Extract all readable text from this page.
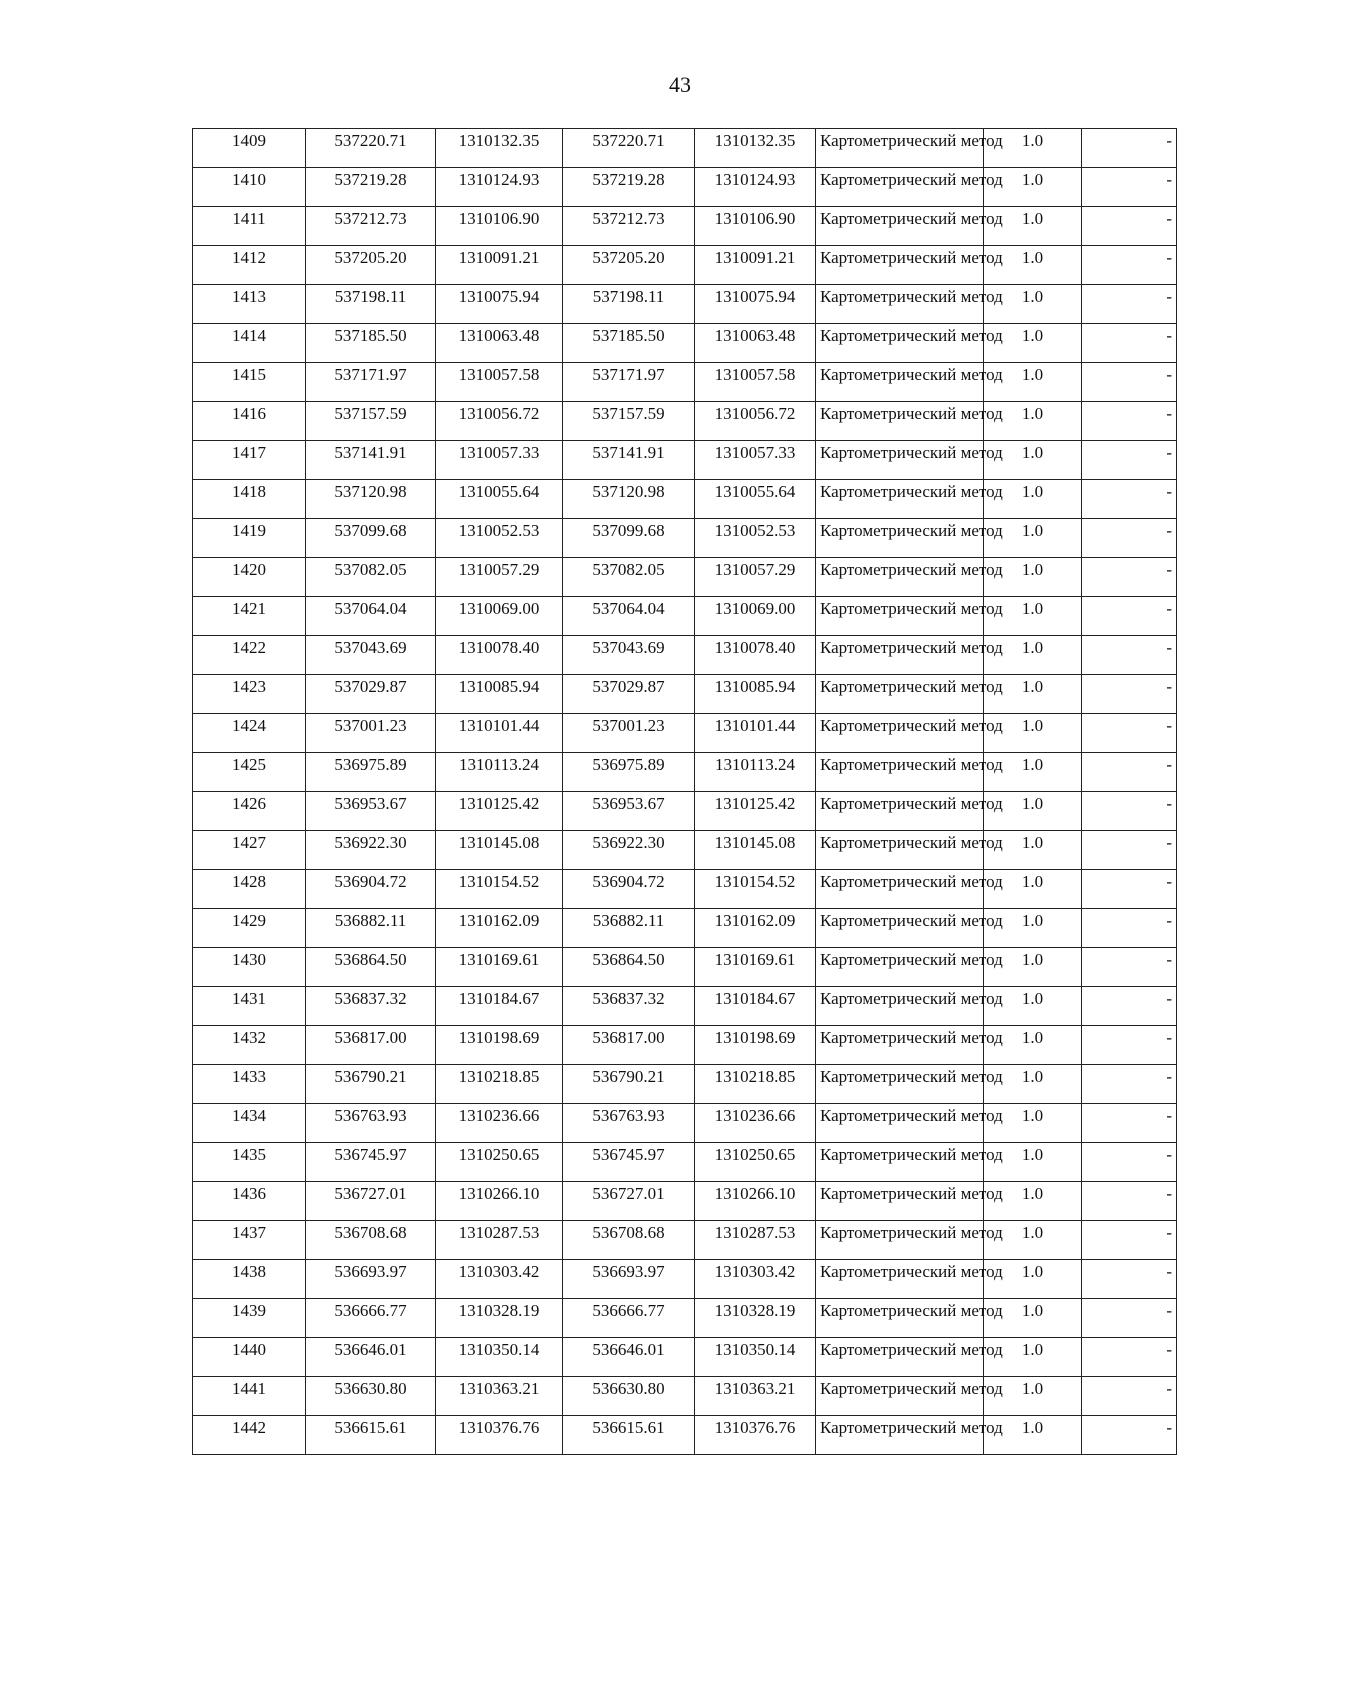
43
1409	537220.71	1310132.35	537220.71	1310132.35	Картометрический метод	1.0	-
1410	537219.28	1310124.93	537219.28	1310124.93	Картометрический метод	1.0	-
1411	537212.73	1310106.90	537212.73	1310106.90	Картометрический метод	1.0	-
1412	537205.20	1310091.21	537205.20	1310091.21	Картометрический метод	1.0	-
1413	537198.11	1310075.94	537198.11	1310075.94	Картометрический метод	1.0	-
1414	537185.50	1310063.48	537185.50	1310063.48	Картометрический метод	1.0	-
1415	537171.97	1310057.58	537171.97	1310057.58	Картометрический метод	1.0	-
1416	537157.59	1310056.72	537157.59	1310056.72	Картометрический метод	1.0	-
1417	537141.91	1310057.33	537141.91	1310057.33	Картометрический метод	1.0	-
1418	537120.98	1310055.64	537120.98	1310055.64	Картометрический метод	1.0	-
1419	537099.68	1310052.53	537099.68	1310052.53	Картометрический метод	1.0	-
1420	537082.05	1310057.29	537082.05	1310057.29	Картометрический метод	1.0	-
1421	537064.04	1310069.00	537064.04	1310069.00	Картометрический метод	1.0	-
1422	537043.69	1310078.40	537043.69	1310078.40	Картометрический метод	1.0	-
1423	537029.87	1310085.94	537029.87	1310085.94	Картометрический метод	1.0	-
1424	537001.23	1310101.44	537001.23	1310101.44	Картометрический метод	1.0	-
1425	536975.89	1310113.24	536975.89	1310113.24	Картометрический метод	1.0	-
1426	536953.67	1310125.42	536953.67	1310125.42	Картометрический метод	1.0	-
1427	536922.30	1310145.08	536922.30	1310145.08	Картометрический метод	1.0	-
1428	536904.72	1310154.52	536904.72	1310154.52	Картометрический метод	1.0	-
1429	536882.11	1310162.09	536882.11	1310162.09	Картометрический метод	1.0	-
1430	536864.50	1310169.61	536864.50	1310169.61	Картометрический метод	1.0	-
1431	536837.32	1310184.67	536837.32	1310184.67	Картометрический метод	1.0	-
1432	536817.00	1310198.69	536817.00	1310198.69	Картометрический метод	1.0	-
1433	536790.21	1310218.85	536790.21	1310218.85	Картометрический метод	1.0	-
1434	536763.93	1310236.66	536763.93	1310236.66	Картометрический метод	1.0	-
1435	536745.97	1310250.65	536745.97	1310250.65	Картометрический метод	1.0	-
1436	536727.01	1310266.10	536727.01	1310266.10	Картометрический метод	1.0	-
1437	536708.68	1310287.53	536708.68	1310287.53	Картометрический метод	1.0	-
1438	536693.97	1310303.42	536693.97	1310303.42	Картометрический метод	1.0	-
1439	536666.77	1310328.19	536666.77	1310328.19	Картометрический метод	1.0	-
1440	536646.01	1310350.14	536646.01	1310350.14	Картометрический метод	1.0	-
1441	536630.80	1310363.21	536630.80	1310363.21	Картометрический метод	1.0	-
1442	536615.61	1310376.76	536615.61	1310376.76	Картометрический метод	1.0	-
